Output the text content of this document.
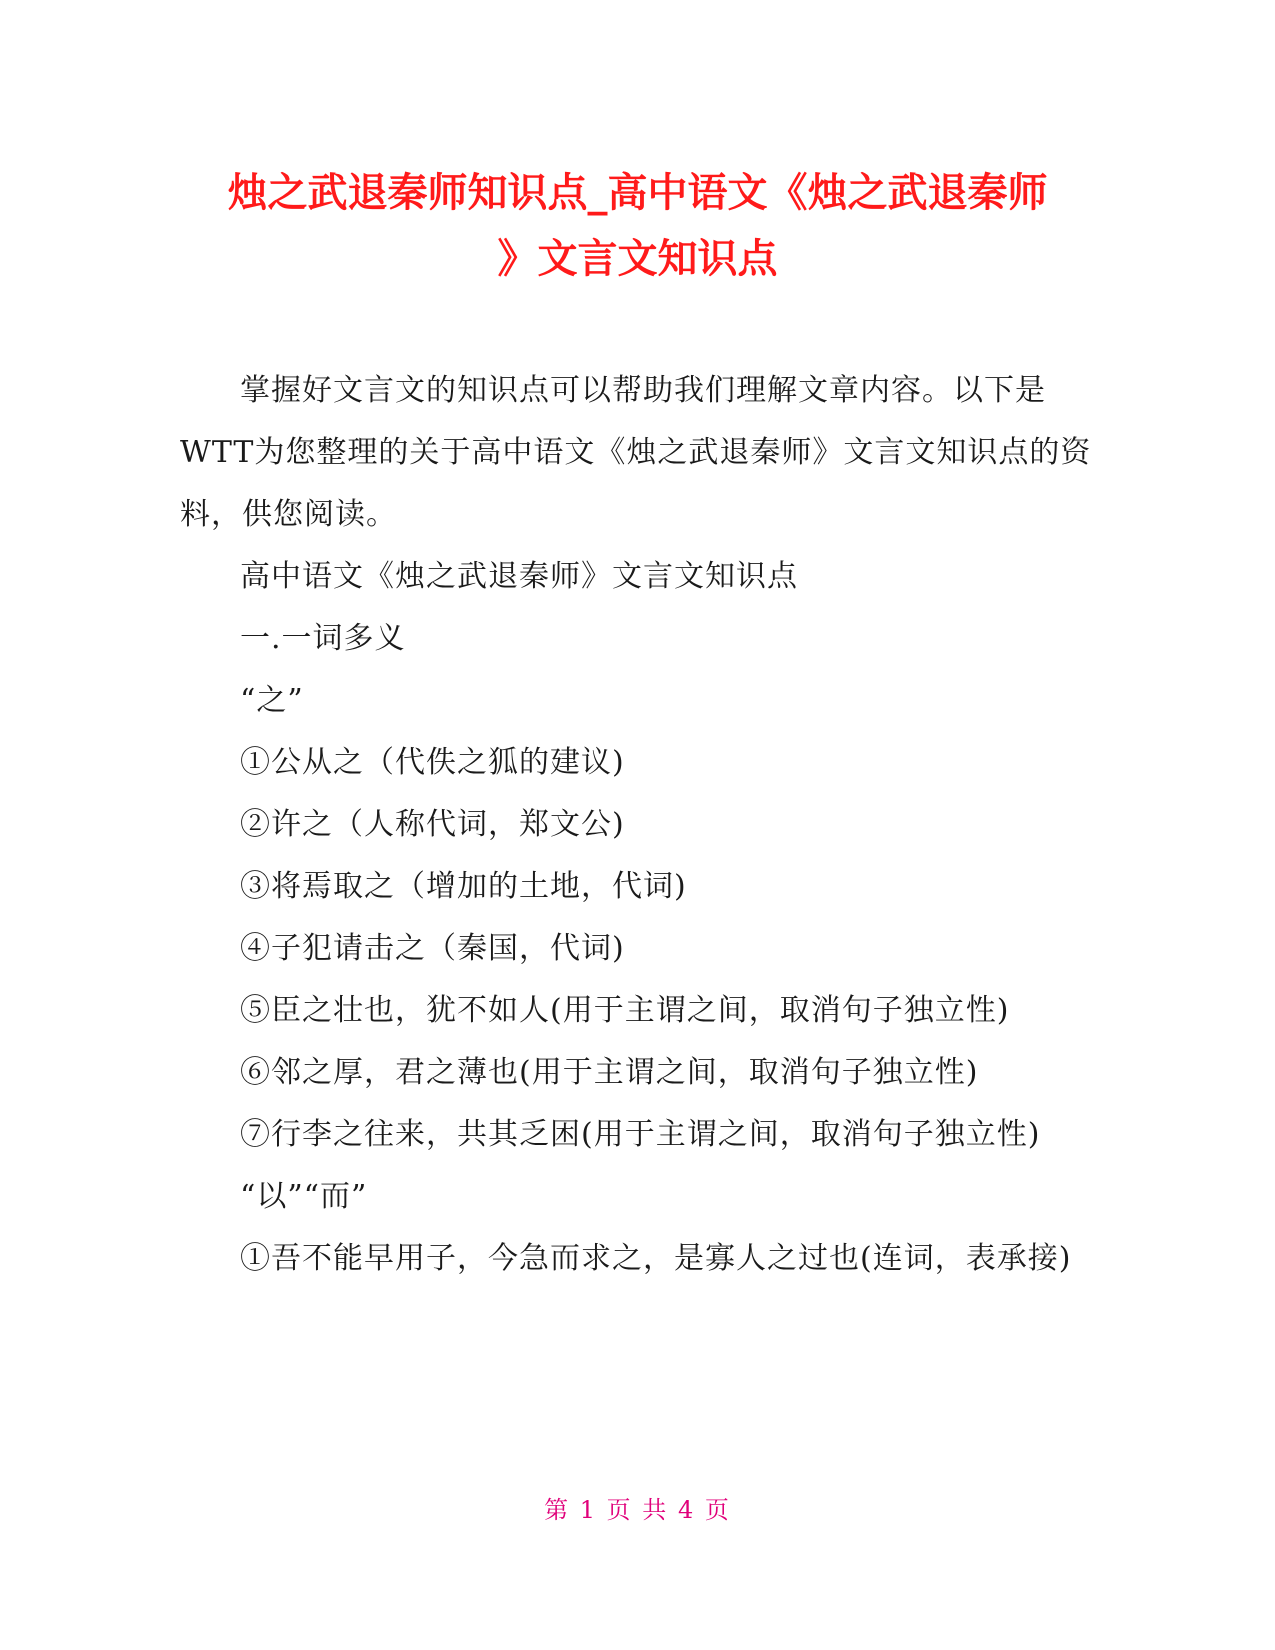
烛之武退秦师知识点_高中语文《烛之武退秦师
》文言文知识点

掌握好文言文的知识点可以帮助我们理解文章内容。以下是WTT为您整理的关于高中语文《烛之武退秦师》文言文知识点的资料，供您阅读。

高中语文《烛之武退秦师》文言文知识点

一.一词多义

“之”

①公从之（代佚之狐的建议)

②许之（人称代词，郑文公)

③将焉取之（增加的土地，代词)

④子犯请击之（秦国，代词)

⑤臣之壮也，犹不如人(用于主谓之间，取消句子独立性)

⑥邻之厚，君之薄也(用于主谓之间，取消句子独立性)

⑦行李之往来，共其乏困(用于主谓之间，取消句子独立性)

“以”“而”

①吾不能早用子，今急而求之，是寡人之过也(连词，表承接)

第 1 页 共 4 页
